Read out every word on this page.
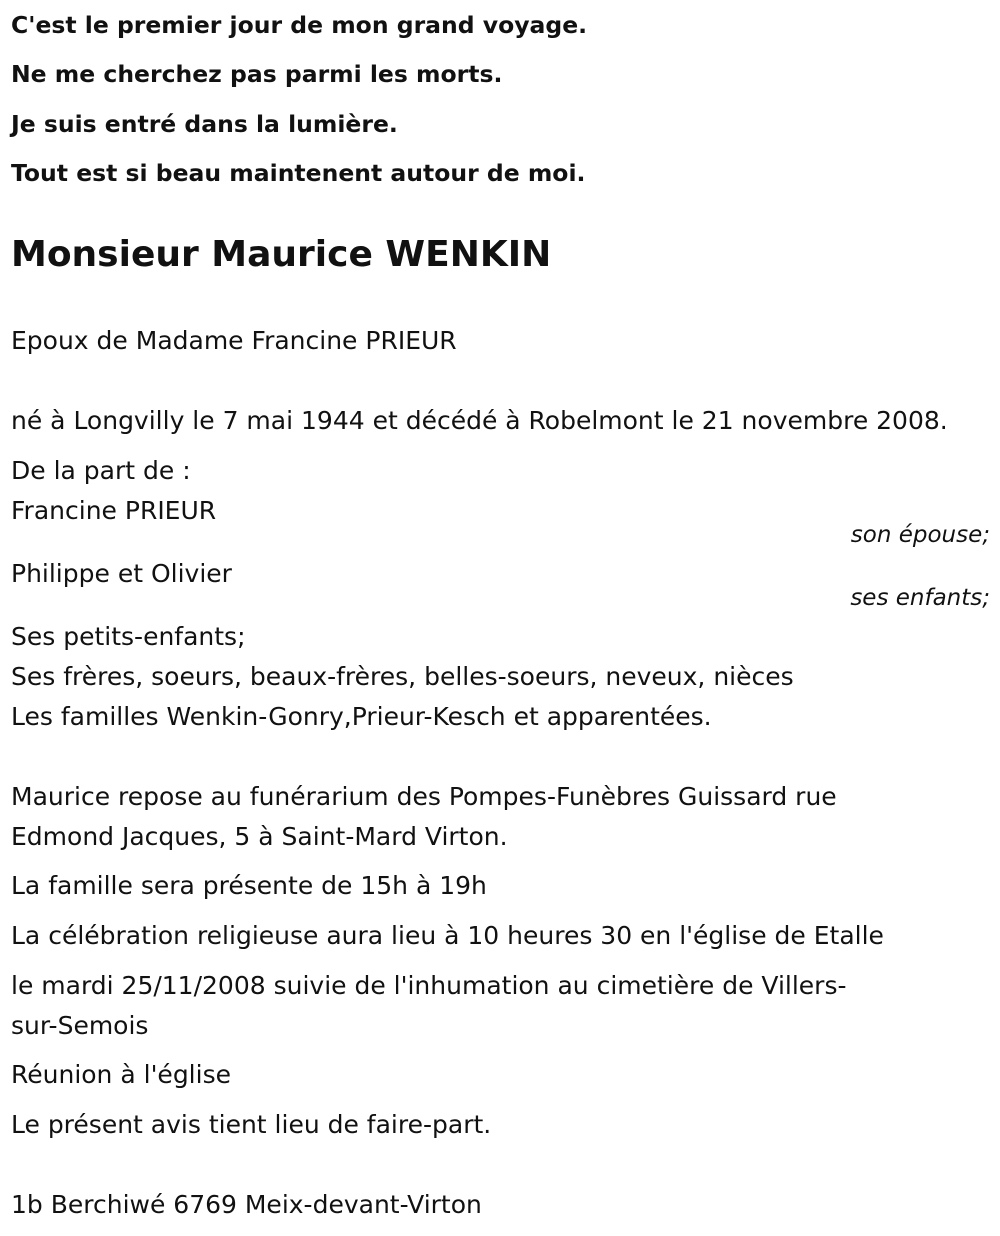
C'est le premier jour de mon grand voyage.

Ne me cherchez pas parmi les morts.

Je suis entré dans la lumière.

Tout est si beau maintenent autour de moi.

Monsieur Maurice WENKIN

Epoux de Madame Francine PRIEUR

né à Longvilly le 7 mai 1944 et décédé à Robelmont le 21 novembre 2008.

De la part de :

Francine PRIEUR

son épouse;

Philippe et Olivier

ses enfants;

Ses petits-enfants;

Ses frères, soeurs, beaux-frères, belles-soeurs, neveux, nièces

Les familles Wenkin-Gonry,Prieur-Kesch et apparentées.

Maurice repose au funérarium des Pompes-Funèbres Guissard rue

Edmond Jacques, 5 à Saint-Mard Virton.

La famille sera présente de 15h à 19h

La célébration religieuse aura lieu à 10 heures 30 en l'église de Etalle

le mardi 25/11/2008 suivie de l'inhumation au cimetière de Villers-

sur-Semois

Réunion à l'église

Le présent avis tient lieu de faire-part.

1b Berchiwé 6769 Meix-devant-Virton
